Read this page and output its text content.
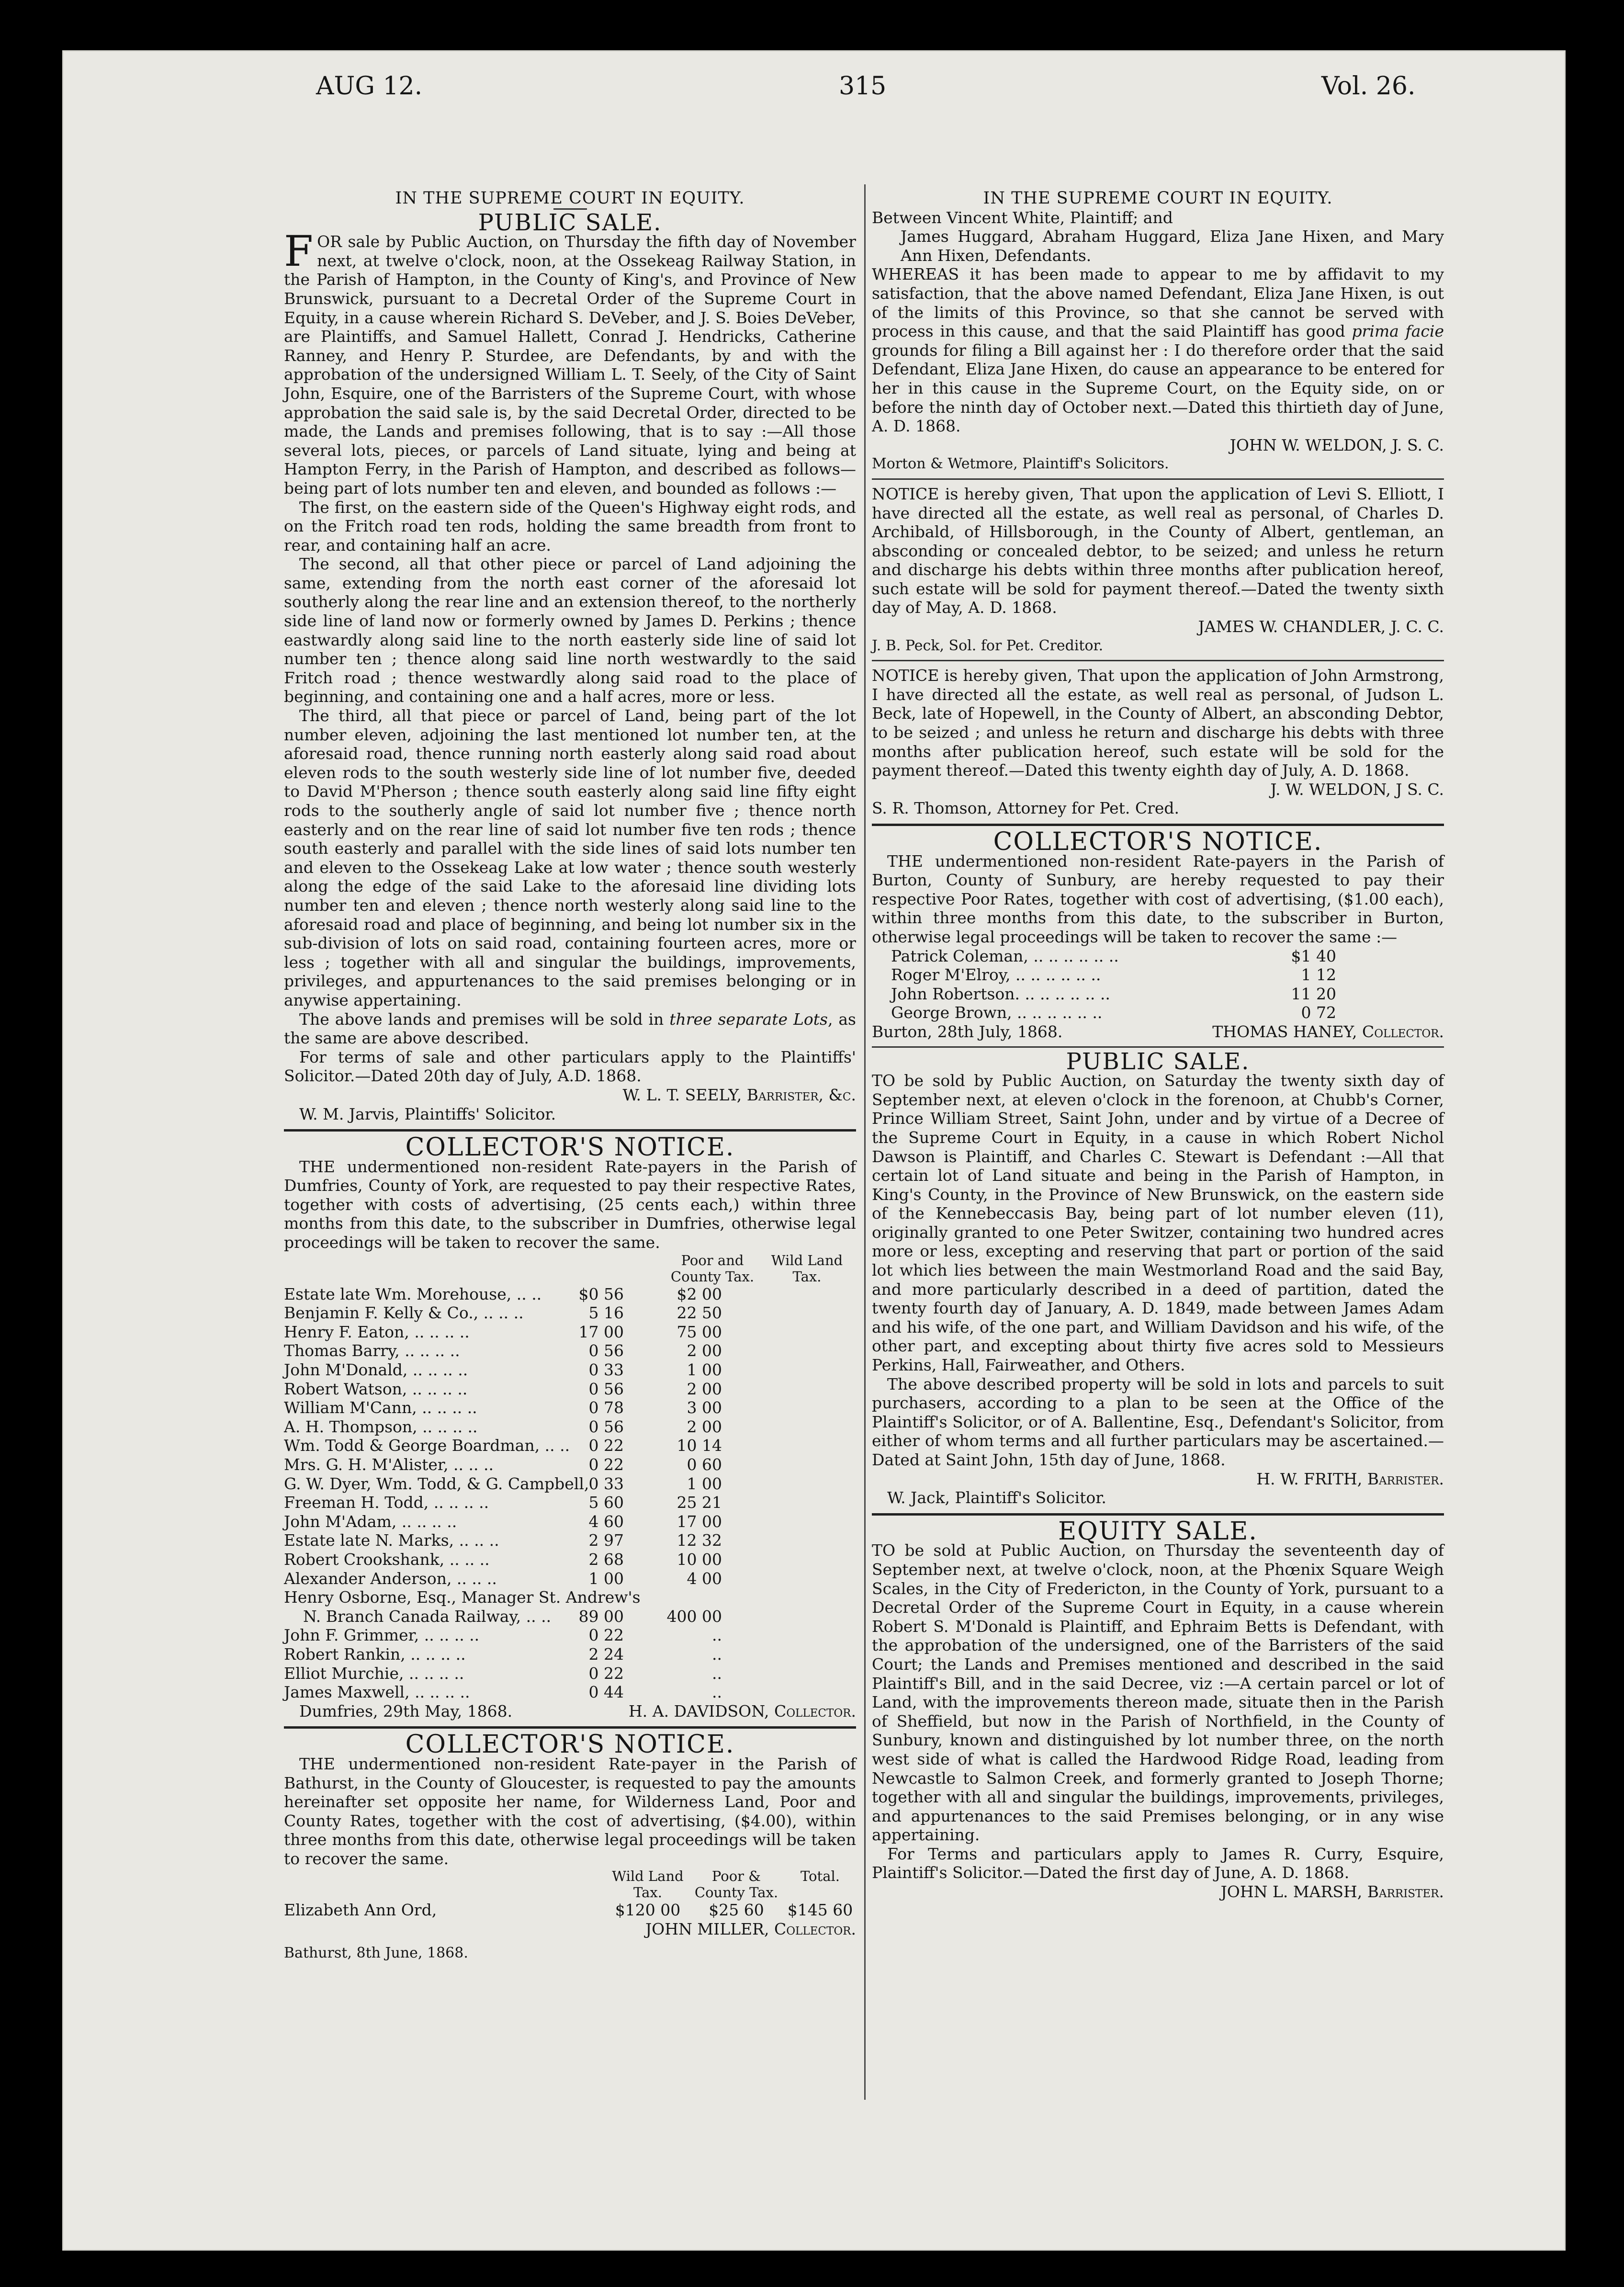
AUG 12.	315	Vol. 26.

IN THE SUPREME COURT IN EQUITY.

PUBLIC SALE.

FOR sale by Public Auction, on Thursday the fifth day of November next, at twelve o'clock, noon, at the Ossekeag Railway Station, in the Parish of Hampton, in the County of King's, and Province of New Brunswick, pursuant to a Decretal Order of the Supreme Court in Equity, in a cause wherein Richard S. DeVeber, and J. S. Boies DeVeber, are Plaintiffs, and Samuel Hallett, Conrad J. Hendricks, Catherine Ranney, and Henry P. Sturdee, are Defendants, by and with the approbation of the undersigned William L. T. Seely, of the City of Saint John, Esquire, one of the Barristers of the Supreme Court, with whose approbation the said sale is, by the said Decretal Order, directed to be made, the Lands and premises following, that is to say :—All those several lots, pieces, or parcels of Land situate, lying and being at Hampton Ferry, in the Parish of Hampton, and described as follows—being part of lots number ten and eleven, and bounded as follows :—

The first, on the eastern side of the Queen's Highway eight rods, and on the Fritch road ten rods, holding the same breadth from front to rear, and containing half an acre.

The second, all that other piece or parcel of Land adjoining the same, extending from the north east corner of the aforesaid lot southerly along the rear line and an extension thereof, to the northerly side line of land now or formerly owned by James D. Perkins ; thence eastwardly along said line to the north easterly side line of said lot number ten ; thence along said line north westwardly to the said Fritch road ; thence westwardly along said road to the place of beginning, and containing one and a half acres, more or less.

The third, all that piece or parcel of Land, being part of the lot number eleven, adjoining the last mentioned lot number ten, at the aforesaid road, thence running north easterly along said road about eleven rods to the south westerly side line of lot number five, deeded to David M'Pherson ; thence south easterly along said line fifty eight rods to the southerly angle of said lot number five ; thence north easterly and on the rear line of said lot number five ten rods ; thence south easterly and parallel with the side lines of said lots number ten and eleven to the Ossekeag Lake at low water ; thence south westerly along the edge of the said Lake to the aforesaid line dividing lots number ten and eleven ; thence north westerly along said line to the aforesaid road and place of beginning, and being lot number six in the sub-division of lots on said road, containing fourteen acres, more or less ; together with all and singular the buildings, improvements, privileges, and appurtenances to the said premises belonging or in anywise appertaining.

The above lands and premises will be sold in three separate Lots, as the same are above described.

For terms of sale and other particulars apply to the Plaintiffs' Solicitor.—Dated 20th day of July, A.D. 1868.

W. L. T. SEELY, Barrister, &c.

W. M. Jarvis, Plaintiffs' Solicitor.

COLLECTOR'S NOTICE.

THE undermentioned non-resident Rate-payers in the Parish of Dumfries, County of York, are requested to pay their respective Rates, together with costs of advertising, (25 cents each,) within three months from this date, to the subscriber in Dumfries, otherwise legal proceedings will be taken to recover the same.

Poor and County Tax.
Wild Land Tax.
Estate late Wm. Morehouse, .. ..	$0 56	$2 00
Benjamin F. Kelly & Co., .. .. ..	5 16	22 50
Henry F. Eaton, .. .. .. ..	17 00	75 00
Thomas Barry, .. .. .. ..	0 56	2 00
John M'Donald, .. .. .. ..	0 33	1 00
Robert Watson, .. .. .. ..	0 56	2 00
William M'Cann, .. .. .. ..	0 78	3 00
A. H. Thompson, .. .. .. ..	0 56	2 00
Wm. Todd & George Boardman, .. ..	0 22	10 14
Mrs. G. H. M'Alister, .. .. ..	0 22	0 60
G. W. Dyer, Wm. Todd, & G. Campbell, 0 33	1 00
Freeman H. Todd, .. .. .. ..	5 60	25 21
John M'Adam, .. .. .. ..	4 60	17 00
Estate late N. Marks, .. .. ..	2 97	12 32
Robert Crookshank, .. .. ..	2 68	10 00
Alexander Anderson, .. .. ..	1 00	4 00
Henry Osborne, Esq., Manager St. Andrew's
N. Branch Canada Railway, .. ..	89 00	400 00
John F. Grimmer, .. .. .. ..	0 22	..
Robert Rankin, .. .. .. ..	2 24	..
Elliot Murchie, .. .. .. ..	0 22	..
James Maxwell, .. .. .. ..	0 44	..
Dumfries, 29th May, 1868.	H. A. DAVIDSON, Collector.

COLLECTOR'S NOTICE.

THE undermentioned non-resident Rate-payer in the Parish of Bathurst, in the County of Gloucester, is requested to pay the amounts hereinafter set opposite her name, for Wilderness Land, Poor and County Rates, together with the cost of advertising, ($4.00), within three months from this date, otherwise legal proceedings will be taken to recover the same.

Wild Land Tax.
Poor & County Tax.
Total.
Elizabeth Ann Ord,	$120 00	$25 60	$145 60

JOHN MILLER, Collector.

Bathurst, 8th June, 1868.

IN THE SUPREME COURT IN EQUITY.

Between Vincent White, Plaintiff; and

James Huggard, Abraham Huggard, Eliza Jane Hixen, and Mary Ann Hixen, Defendants.

WHEREAS it has been made to appear to me by affidavit to my satisfaction, that the above named Defendant, Eliza Jane Hixen, is out of the limits of this Province, so that she cannot be served with process in this cause, and that the said Plaintiff has good prima facie grounds for filing a Bill against her : I do therefore order that the said Defendant, Eliza Jane Hixen, do cause an appearance to be entered for her in this cause in the Supreme Court, on the Equity side, on or before the ninth day of October next.—Dated this thirtieth day of June, A. D. 1868.

JOHN W. WELDON, J. S. C.

Morton & Wetmore, Plaintiff's Solicitors.

NOTICE is hereby given, That upon the application of Levi S. Elliott, I have directed all the estate, as well real as personal, of Charles D. Archibald, of Hillsborough, in the County of Albert, gentleman, an absconding or concealed debtor, to be seized; and unless he return and discharge his debts within three months after publication hereof, such estate will be sold for payment thereof.—Dated the twenty sixth day of May, A. D. 1868.

JAMES W. CHANDLER, J. C. C.

J. B. Peck, Sol. for Pet. Creditor.

NOTICE is hereby given, That upon the application of John Armstrong, I have directed all the estate, as well real as personal, of Judson L. Beck, late of Hopewell, in the County of Albert, an absconding Debtor, to be seized ; and unless he return and discharge his debts with three months after publication hereof, such estate will be sold for the payment thereof.—Dated this twenty eighth day of July, A. D. 1868.

J. W. WELDON, J S. C.

S. R. Thomson, Attorney for Pet. Cred.

COLLECTOR'S NOTICE.

THE undermentioned non-resident Rate-payers in the Parish of Burton, County of Sunbury, are hereby requested to pay their respective Poor Rates, together with cost of advertising, ($1.00 each), within three months from this date, to the subscriber in Burton, otherwise legal proceedings will be taken to recover the same :—

Patrick Coleman, .. .. .. .. .. ..	$1 40
Roger M'Elroy, .. .. .. .. .. ..	1 12
John Robertson. .. .. .. .. .. ..	11 20
George Brown, .. .. .. .. .. ..	0 72
Burton, 28th July, 1868.	THOMAS HANEY, Collector.

PUBLIC SALE.

TO be sold by Public Auction, on Saturday the twenty sixth day of September next, at eleven o'clock in the forenoon, at Chubb's Corner, Prince William Street, Saint John, under and by virtue of a Decree of the Supreme Court in Equity, in a cause in which Robert Nichol Dawson is Plaintiff, and Charles C. Stewart is Defendant :—All that certain lot of Land situate and being in the Parish of Hampton, in King's County, in the Province of New Brunswick, on the eastern side of the Kennebeccasis Bay, being part of lot number eleven (11), originally granted to one Peter Switzer, containing two hundred acres more or less, excepting and reserving that part or portion of the said lot which lies between the main Westmorland Road and the said Bay, and more particularly described in a deed of partition, dated the twenty fourth day of January, A. D. 1849, made between James Adam and his wife, of the one part, and William Davidson and his wife, of the other part, and excepting about thirty five acres sold to Messieurs Perkins, Hall, Fairweather, and Others.

The above described property will be sold in lots and parcels to suit purchasers, according to a plan to be seen at the Office of the Plaintiff's Solicitor, or of A. Ballentine, Esq., Defendant's Solicitor, from either of whom terms and all further particulars may be ascertained.—Dated at Saint John, 15th day of June, 1868.

H. W. FRITH, Barrister.

W. Jack, Plaintiff's Solicitor.

EQUITY SALE.

TO be sold at Public Auction, on Thursday the seventeenth day of September next, at twelve o'clock, noon, at the Phœnix Square Weigh Scales, in the City of Fredericton, in the County of York, pursuant to a Decretal Order of the Supreme Court in Equity, in a cause wherein Robert S. M'Donald is Plaintiff, and Ephraim Betts is Defendant, with the approbation of the undersigned, one of the Barristers of the said Court; the Lands and Premises mentioned and described in the said Plaintiff's Bill, and in the said Decree, viz :—A certain parcel or lot of Land, with the improvements thereon made, situate then in the Parish of Sheffield, but now in the Parish of Northfield, in the County of Sunbury, known and distinguished by lot number three, on the north west side of what is called the Hardwood Ridge Road, leading from Newcastle to Salmon Creek, and formerly granted to Joseph Thorne; together with all and singular the buildings, improvements, privileges, and appurtenances to the said Premises belonging, or in any wise appertaining.

For Terms and particulars apply to James R. Curry, Esquire, Plaintiff's Solicitor.—Dated the first day of June, A. D. 1868.

JOHN L. MARSH, Barrister.
